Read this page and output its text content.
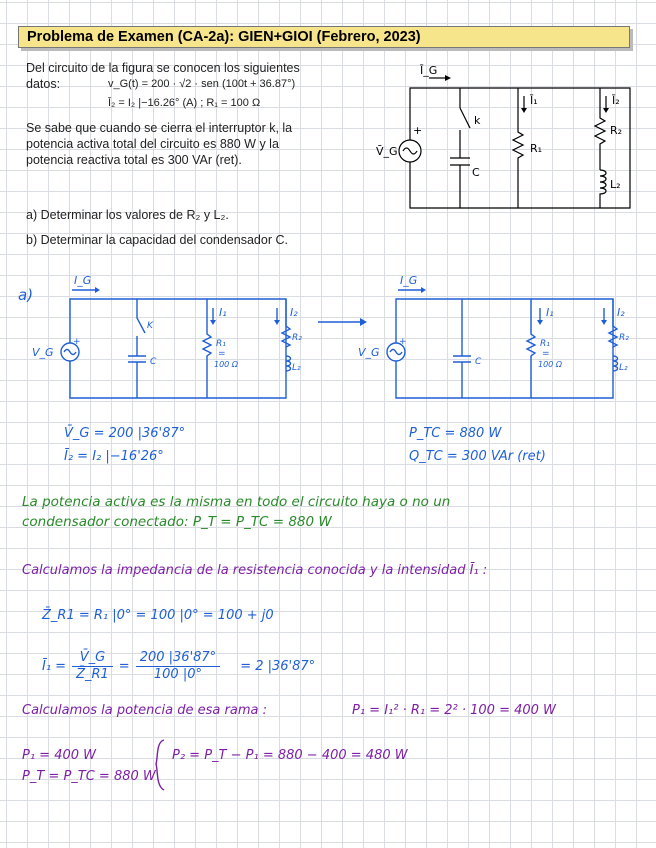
Problema de Examen (CA-2a): GIEN+GIOI (Febrero, 2023)
Del circuito de la figura se conocen los siguientes
datos:	v_G(t) = 200 · √2 · sen (100t + 36.87°)
Ī₂ = I₂ |−16.26° (A) ; R₁ = 100 Ω
Se sabe que cuando se cierra el interruptor k, la
potencia activa total del circuito es 880 W y la
potencia reactiva total es 300 VAr (ret).
a) Determinar los valores de R₂ y L₂.
b) Determinar la capacidad del condensador C.
Ī_G
Ī₁	Ī₂
R₁
R₂
L₂
C
k
V̄_G
+
a)
I_G
I₁	I₂
R₁
=
100 Ω
R₂
L₂
C
K
V_G
I_G
I₁	I₂
R₁
=
100 Ω
R₂
L₂
C
V_G
+	+
V̄_G = 200 |36'87°
Ī₂ = I₂ |−16'26°
P_TC = 880 W
Q_TC = 300 VAr (ret)
La potencia activa es la misma en todo el circuito haya o no un
condensador conectado: P_T = P_TC = 880 W
Calculamos la impedancia de la resistencia conocida y la intensidad Ī₁ :
Z̄_R1 = R₁ |0° = 100 |0° = 100 + j0
Ī₁ = $\frac{V̄\_G}{Z̄\_R1} = \frac{200 |36'87^\circ}{100 |0^\circ} = 2$ |36'87°
Calculamos la potencia de esa rama :	P₁ = I₁² · R₁ = 2² · 100 = 400 W
P₁ = 400 W
P_T = P_TC = 880 W
P₂ = P_T − P₁ = 880 − 400 = 480 W
